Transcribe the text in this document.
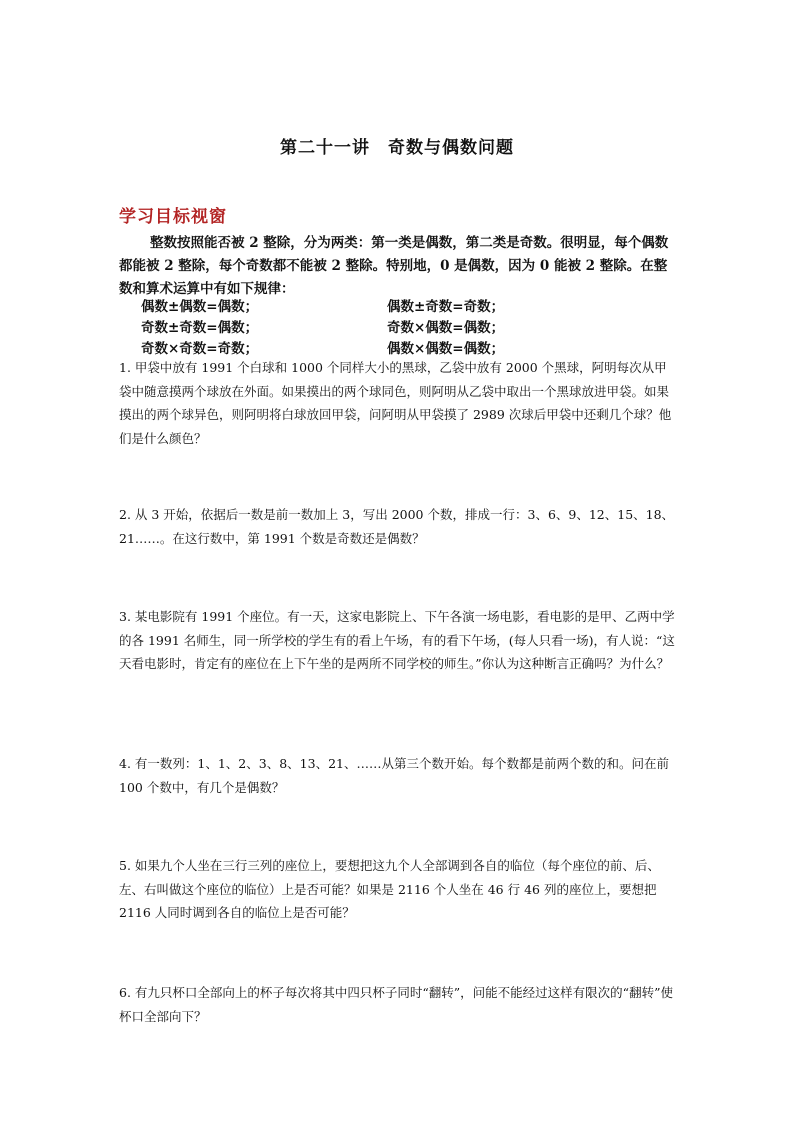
第二十一讲　奇数与偶数问题
学习目标视窗

整数按照能否被 2 整除，分为两类：第一类是偶数，第二类是奇数。很明显，每个偶数都能被 2 整除，每个奇数都不能被 2 整除。特别地，0 是偶数，因为 0 能被 2 整除。在整数和算术运算中有如下规律：

偶数±偶数=偶数；	偶数±奇数=奇数；
奇数±奇数=偶数；	奇数×偶数=偶数；
奇数×奇数=奇数；	偶数×偶数=偶数；

1. 甲袋中放有 1991 个白球和 1000 个同样大小的黑球，乙袋中放有 2000 个黑球，阿明每次从甲袋中随意摸两个球放在外面。如果摸出的两个球同色，则阿明从乙袋中取出一个黑球放进甲袋。如果摸出的两个球异色，则阿明将白球放回甲袋，问阿明从甲袋摸了 2989 次球后甲袋中还剩几个球？他们是什么颜色？

2. 从 3 开始，依据后一数是前一数加上 3，写出 2000 个数，排成一行：3、6、9、12、15、18、21……。在这行数中，第 1991 个数是奇数还是偶数？

3. 某电影院有 1991 个座位。有一天，这家电影院上、下午各演一场电影，看电影的是甲、乙两中学的各 1991 名师生，同一所学校的学生有的看上午场，有的看下午场，(每人只看一场)，有人说：“这天看电影时，肯定有的座位在上下午坐的是两所不同学校的师生。”你认为这种断言正确吗？为什么？

4. 有一数列：1、1、2、3、8、13、21、……从第三个数开始。每个数都是前两个数的和。问在前 100 个数中，有几个是偶数？

5. 如果九个人坐在三行三列的座位上，要想把这九个人全部调到各自的临位（每个座位的前、后、左、右叫做这个座位的临位）上是否可能？如果是 2116 个人坐在 46 行 46 列的座位上，要想把 2116 人同时调到各自的临位上是否可能？

6. 有九只杯口全部向上的杯子每次将其中四只杯子同时“翻转”，问能不能经过这样有限次的“翻转”使杯口全部向下？
